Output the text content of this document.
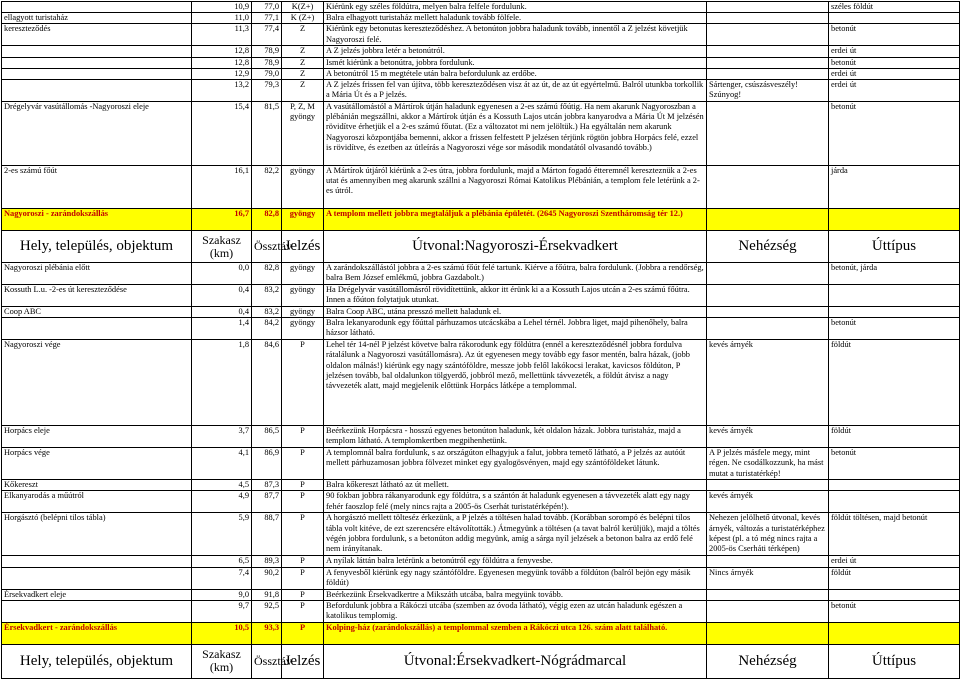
	10,9	77,0	K(Z+)	Kiérünk egy széles földútra, melyen balra felfele fordulunk.		széles földút
ellagyott turistaház	11,0	77,1	K (Z+)	Balra elhagyott turistaház mellett haladunk tovább fölfele.		
kereszteződés	11,3	77,4	Z	Kiérünk egy betonutas kereszteződéshez. A betonúton jobbra haladunk tovább, innentől a Z jelzést követjük Nagyoroszi felé.		betonút
	12,8	78,9	Z	A Z jelzés jobbra letér a betonútról.		erdei út
	12,8	78,9	Z	Ismét kiérünk a betonútra, jobbra fordulunk.		betonút
	12,9	79,0	Z	A betonútról 15 m megtétele után balra befordulunk az erdőbe.		erdei út
	13,2	79,3	Z	A Z jelzés frissen fel van újítva, több kereszteződésen visz át az út, de az út egyértelmű. Balról utunkba torkollik a Mária Út és a P jelzés.	Sártenger, csúszásveszély! Szúnyog!	erdei út
Drégelyvár vasútállomás -Nagyoroszi eleje	15,4	81,5	P, Z, M gyöngy	A vasútállomástól a Mártírok útján haladunk egyenesen a 2-es számú főútig. Ha nem akarunk Nagyoroszban a plébánián megszállni, akkor a Mártírok útján és a Kossuth Lajos utcán jobbra kanyarodva a Mária Út M jelzésén rövidítve érhetjük el a 2-es számú főutat. (Ez a változatot mi nem jelöltük.) Ha egyáltalán nem akarunk Nagyoroszi központjába bemenni, akkor a frissen felfestett P jelzésen térjünk rögtön jobbra Horpács felé, ezzel is rövidítve, és ezetben az útleírás a Nagyoroszi vége sor második mondatától olvasandó tovább.)		betonút
2-es számú főút	16,1	82,2	gyöngy	A Mártírok útjáról kiérünk a 2-es útra, jobbra fordulunk, majd a Márton fogadó étteremnél kereszteznük a 2-es utat és amennyiben meg akarunk szállni a Nagyoroszi Római Katolikus Plébánián, a templom fele letérünk a 2-es útról.		járda
Nagyoroszi - zarándokszállás	16,7	82,8	gyöngy	A templom mellett jobbra megtaláljuk a plébánia épületét. (2645 Nagyoroszi Szentháromság tér 12.)		
Hely, település, objektum	Szakasz (km)	Össztáv	Jelzés	Útvonal:Nagyoroszi-Érsekvadkert	Nehézség	Úttípus
Nagyoroszi plébánia előtt	0,0	82,8	gyöngy	A zarándokszállástól jobbra a 2-es számú főút felé tartunk. Kiérve a főútra, balra fordulunk. (Jobbra a rendőrség, balra Bem József emlékmű, jobbra Gazdabolt.)		betonút, járda
Kossuth L.u. -2-es út kereszteződése	0,4	83,2	gyöngy	Ha Drégelyvár vasútállomásról rövidítettünk, akkor itt érünk ki a a Kossuth Lajos utcán a 2-es számú főútra. Innen a főúton folytatjuk utunkat.		
Coop ABC	0,4	83,2	gyöngy	Balra Coop ABC, utána presszó mellett haladunk el.		
	1,4	84,2	gyöngy	Balra lekanyarodunk egy főúttal párhuzamos utcácskába a Lehel térnél. Jobbra liget, majd pihenőhely, balra házsor látható.		betonút
Nagyoroszi vége	1,8	84,6	P	Lehel tér 14-nél P jelzést követve balra rákorodunk egy földútra (ennél a kereszteződésnél jobbra fordulva rátalálunk a Nagyoroszi vasútállomásra). Az út egyenesen megy tovább egy fasor mentén, balra házak, (jobb oldalon málnás!) kiérünk egy nagy szántóföldre, messze jobb felől lakókocsi lerakat, kavicsos földúton, P jelzésen tovább, bal oldalunkon tölgyerdő, jobbról mező, mellettünk távvezeték, a földút átvisz a nagy távvezeték alatt, majd megjelenik előttünk Horpács látképe a templommal.	kevés árnyék	földút
Horpács eleje	3,7	86,5	P	Beérkezünk Horpácsra - hosszú egyenes betonúton haladunk, két oldalon házak. Jobbra turistaház, majd a templom látható. A templomkertben megpihenhetünk.	kevés árnyék	földút
Horpács vége	4,1	86,9	P	A templomnál balra fordulunk, s az országúton elhagyjuk a falut, jobbra temető látható, a P jelzés az autóút mellett párhuzamosan jobbra fölvezet minket egy gyalogösvényen, majd egy szántóföldeket látunk.	A P jelzés másfele megy, mint régen. Ne csodálkozzunk, ha mást mutat a turistatérkép!	betonút
Kőkereszt	4,5	87,3	P	Balra kőkereszt látható az út mellett.		
Elkanyarodás a műútról	4,9	87,7	P	90 fokban jobbra rákanyarodunk egy földútra, s a szántón át haladunk egyenesen a távvezeték alatt egy nagy fehér faoszlop felé (mely nincs rajta a 2005-ös Cserhát turistatérképén!).	kevés árnyék	
Horgásztó (belépni tilos tábla)	5,9	88,7	P	A horgásztó mellett tölteséz érkezünk, a P jelzés a töltésen halad tovább. (Korábban sorompó és belépni tilos tábla volt kitéve, de ezt szerencsére eltávolították.) Átmegyünk a töltésen (a tavat balról kerüljük), majd a töltés végén jobbra fordulunk, s a betonúton addig megyünk, amíg a sárga nyíl jelzések a betonon balra az erdő felé nem irányítanak.	Nehezen jelölhető útvonal, kevés árnyék, változás a turistatérképhez képest (pl. a tó még nincs rajta a 2005-ös Cserháti térképen)	földút töltésen, majd betonút
	6,5	89,3	P	A nyílak láttán balra letérünk a betonútról egy földútra a fenyvesbe.		erdei út
	7,4	90,2	P	A fenyvesből kiérünk egy nagy szántóföldre. Egyenesen megyünk tovább a földúton (balról bejön egy másik földút)	Nincs árnyék	földút
Érsekvadkert eleje	9,0	91,8	P	Beérkezünk Érsekvadkertre a Mikszáth utcába, balra megyünk tovább.		
	9,7	92,5	P	Befordulunk jobbra a Rákóczi utcába (szemben az óvoda látható), végig ezen az utcán haladunk egészen a katolikus templomig.		betonút
Érsekvadkert - zarándokszállás	10,5	93,3	P	Kolping-ház (zarándokszállás) a templommal szemben a Rákóczi utca 126. szám alatt található.		
Hely, település, objektum	Szakasz (km)	Össztáv	Jelzés	Útvonal:Érsekvadkert-Nógrádmarcal	Nehézség	Úttípus
